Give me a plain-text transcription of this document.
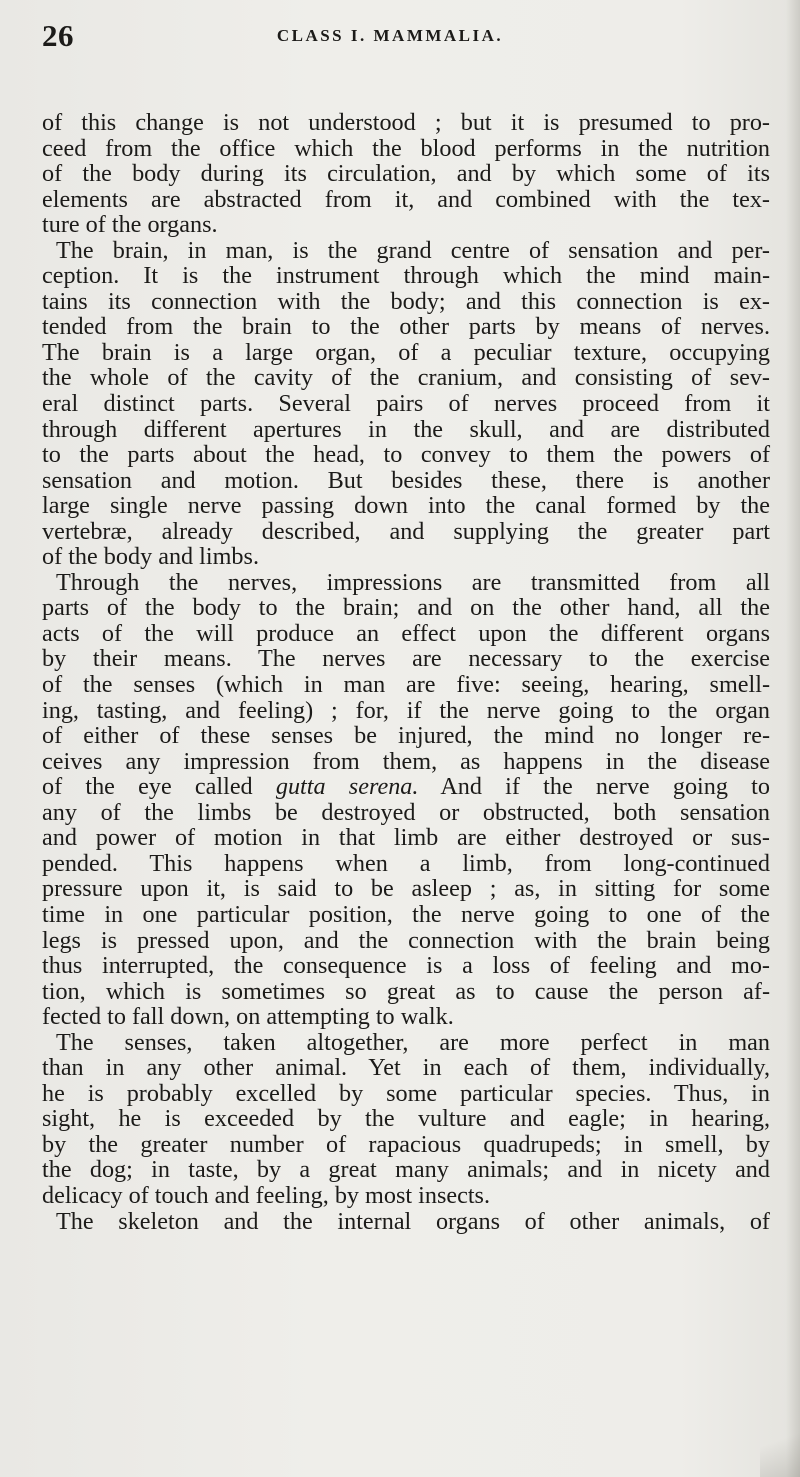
26	CLASS I. MAMMALIA.
of this change is not understood ; but it is presumed to pro-
ceed from the office which the blood performs in the nutrition
of the body during its circulation, and by which some of its
elements are abstracted from it, and combined with the tex-
ture of the organs.
The brain, in man, is the grand centre of sensation and per-
ception. It is the instrument through which the mind main-
tains its connection with the body; and this connection is ex-
tended from the brain to the other parts by means of nerves.
The brain is a large organ, of a peculiar texture, occupying
the whole of the cavity of the cranium, and consisting of sev-
eral distinct parts. Several pairs of nerves proceed from it
through different apertures in the skull, and are distributed
to the parts about the head, to convey to them the powers of
sensation and motion. But besides these, there is another
large single nerve passing down into the canal formed by the
vertebræ, already described, and supplying the greater part
of the body and limbs.
Through the nerves, impressions are transmitted from all
parts of the body to the brain; and on the other hand, all the
acts of the will produce an effect upon the different organs
by their means. The nerves are necessary to the exercise
of the senses (which in man are five: seeing, hearing, smell-
ing, tasting, and feeling) ; for, if the nerve going to the organ
of either of these senses be injured, the mind no longer re-
ceives any impression from them, as happens in the disease
of the eye called gutta serena. And if the nerve going to
any of the limbs be destroyed or obstructed, both sensation
and power of motion in that limb are either destroyed or sus-
pended. This happens when a limb, from long-continued
pressure upon it, is said to be asleep ; as, in sitting for some
time in one particular position, the nerve going to one of the
legs is pressed upon, and the connection with the brain being
thus interrupted, the consequence is a loss of feeling and mo-
tion, which is sometimes so great as to cause the person af-
fected to fall down, on attempting to walk.
The senses, taken altogether, are more perfect in man
than in any other animal. Yet in each of them, individually,
he is probably excelled by some particular species. Thus, in
sight, he is exceeded by the vulture and eagle; in hearing,
by the greater number of rapacious quadrupeds; in smell, by
the dog; in taste, by a great many animals; and in nicety and
delicacy of touch and feeling, by most insects.
The skeleton and the internal organs of other animals, of
